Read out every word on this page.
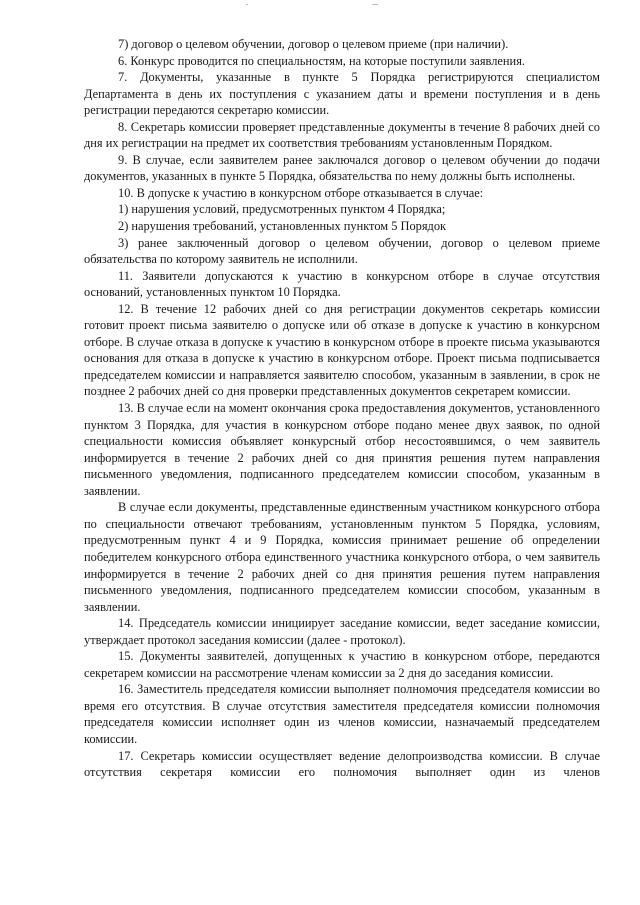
7) договор о целевом обучении, договор о целевом приеме (при наличии).

6. Конкурс проводится по специальностям, на которые поступили заявления.

7. Документы, указанные в пункте 5 Порядка регистрируются специалистом Департамента в день их поступления с указанием даты и времени поступления и в день регистрации передаются секретарю комиссии.

8. Секретарь комиссии проверяет представленные документы в течение 8 рабочих дней со дня их регистрации на предмет их соответствия требованиям установленным Порядком.

9. В случае, если заявителем ранее заключался договор о целевом обучении до подачи документов, указанных в пункте 5 Порядка, обязательства по нему должны быть исполнены.

10. В допуске к участию в конкурсном отборе отказывается в случае:

1) нарушения условий, предусмотренных пунктом 4 Порядка;

2) нарушения требований, установленных пунктом 5 Порядок

3) ранее заключенный договор о целевом обучении, договор о целевом приеме обязательства по которому заявитель не исполнили.

11. Заявители допускаются к участию в конкурсном отборе в случае отсутствия оснований, установленных пунктом 10 Порядка.

12. В течение 12 рабочих дней со дня регистрации документов секретарь комиссии готовит проект письма заявителю о допуске или об отказе в допуске к участию в конкурсном отборе. В случае отказа в допуске к участию в конкурсном отборе в проекте письма указываются основания для отказа в допуске к участию в конкурсном отборе. Проект письма подписывается председателем комиссии и направляется заявителю способом, указанным в заявлении, в срок не позднее 2 рабочих дней со дня проверки представленных документов секретарем комиссии.

13. В случае если на момент окончания срока предоставления документов, установленного пунктом 3 Порядка, для участия в конкурсном отборе подано менее двух заявок, по одной специальности комиссия объявляет конкурсный отбор несостоявшимся, о чем заявитель информируется в течение 2 рабочих дней со дня принятия решения путем направления письменного уведомления, подписанного председателем комиссии способом, указанным в заявлении.

В случае если документы, представленные единственным участником конкурсного отбора по специальности отвечают требованиям, установленным пунктом 5 Порядка, условиям, предусмотренным пункт 4 и 9 Порядка, комиссия принимает решение об определении победителем конкурсного отбора единственного участника конкурсного отбора, о чем заявитель информируется в течение 2 рабочих дней со дня принятия решения путем направления письменного уведомления, подписанного председателем комиссии способом, указанным в заявлении.

14. Председатель комиссии инициирует заседание комиссии, ведет заседание комиссии, утверждает протокол заседания комиссии (далее - протокол).

15. Документы заявителей, допущенных к участию в конкурсном отборе, передаются секретарем комиссии на рассмотрение членам комиссии за 2 дня до заседания комиссии.

16. Заместитель председателя комиссии выполняет полномочия председателя комиссии во время его отсутствия. В случае отсутствия заместителя председателя комиссии полномочия председателя комиссии исполняет один из членов комиссии, назначаемый председателем комиссии.

17. Секретарь комиссии осуществляет ведение делопроизводства комиссии. В случае отсутствия секретаря комиссии его полномочия выполняет один из членов
